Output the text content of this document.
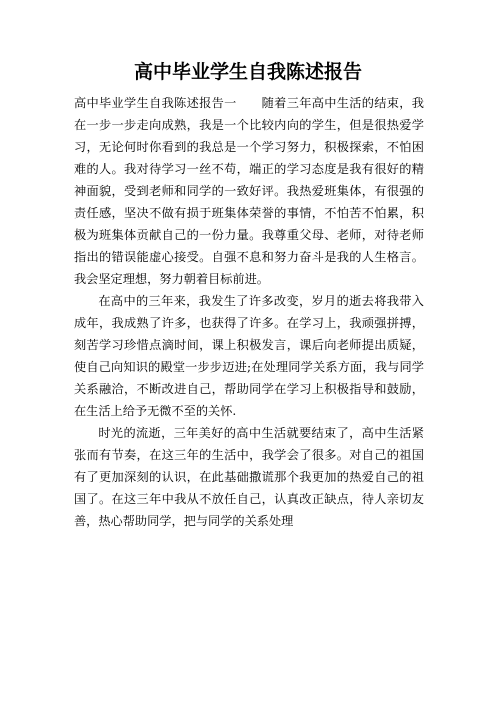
高中毕业学生自我陈述报告

高中毕业学生自我陈述报告一　　随着三年高中生活的结束，我在一步一步走向成熟，我是一个比较内向的学生，但是很热爱学习，无论何时你看到的我总是一个学习努力，积极探索，不怕困难的人。我对待学习一丝不苟，端正的学习态度是我有很好的精神面貌，受到老师和同学的一致好评。我热爱班集体，有很强的责任感，坚决不做有损于班集体荣誉的事情，不怕苦不怕累，积极为班集体贡献自己的一份力量。我尊重父母、老师，对待老师指出的错误能虚心接受。自强不息和努力奋斗是我的人生格言。我会坚定理想，努力朝着目标前进。

在高中的三年来，我发生了许多改变，岁月的逝去将我带入成年，我成熟了许多，也获得了许多。在学习上，我顽强拼搏，刻苦学习珍惜点滴时间，课上积极发言，课后向老师提出质疑，使自己向知识的殿堂一步步迈进;在处理同学关系方面，我与同学关系融洽，不断改进自己，帮助同学在学习上积极指导和鼓励，在生活上给予无微不至的关怀.

时光的流逝，三年美好的高中生活就要结束了，高中生活紧张而有节奏，在这三年的生活中，我学会了很多。对自己的祖国有了更加深刻的认识，在此基础撒谎那个我更加的热爱自己的祖国了。在这三年中我从不放任自己，认真改正缺点，待人亲切友善，热心帮助同学，把与同学的关系处理
